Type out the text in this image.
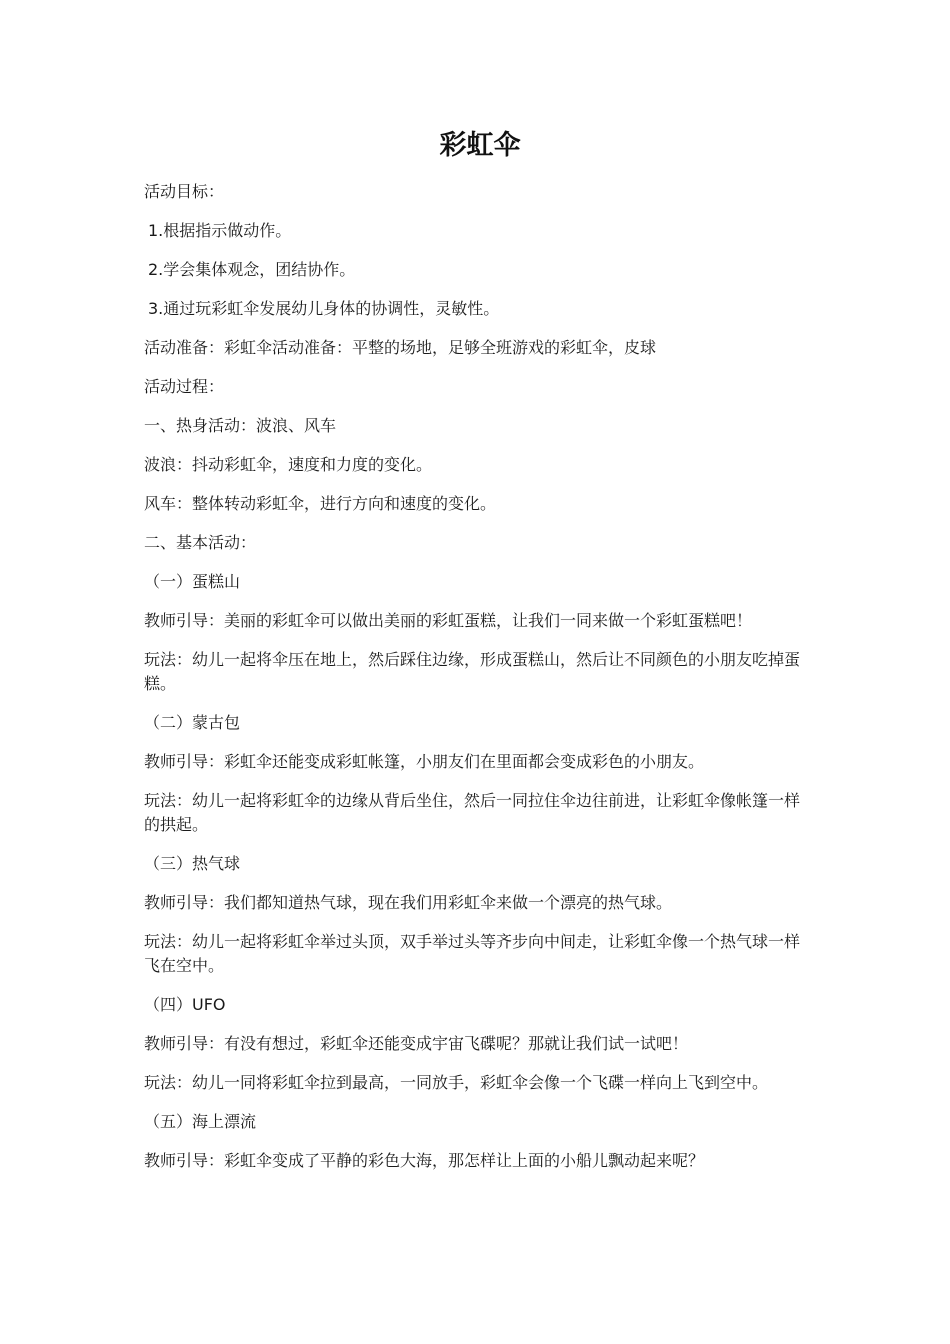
彩虹伞

活动目标：

1.根据指示做动作。

2.学会集体观念，团结协作。

3.通过玩彩虹伞发展幼儿身体的协调性，灵敏性。

活动准备：彩虹伞活动准备：平整的场地，足够全班游戏的彩虹伞，皮球

活动过程：

一、热身活动：波浪、风车

波浪：抖动彩虹伞，速度和力度的变化。

风车：整体转动彩虹伞，进行方向和速度的变化。

二、基本活动：

（一）蛋糕山

教师引导：美丽的彩虹伞可以做出美丽的彩虹蛋糕，让我们一同来做一个彩虹蛋糕吧！

玩法：幼儿一起将伞压在地上，然后踩住边缘，形成蛋糕山，然后让不同颜色的小朋友吃掉蛋糕。

（二）蒙古包

教师引导：彩虹伞还能变成彩虹帐篷，小朋友们在里面都会变成彩色的小朋友。

玩法：幼儿一起将彩虹伞的边缘从背后坐住，然后一同拉住伞边往前进，让彩虹伞像帐篷一样的拱起。

（三）热气球

教师引导：我们都知道热气球，现在我们用彩虹伞来做一个漂亮的热气球。

玩法：幼儿一起将彩虹伞举过头顶，双手举过头等齐步向中间走，让彩虹伞像一个热气球一样飞在空中。

（四）UFO

教师引导：有没有想过，彩虹伞还能变成宇宙飞碟呢？那就让我们试一试吧！

玩法：幼儿一同将彩虹伞拉到最高，一同放手，彩虹伞会像一个飞碟一样向上飞到空中。

（五）海上漂流

教师引导：彩虹伞变成了平静的彩色大海，那怎样让上面的小船儿飘动起来呢？
